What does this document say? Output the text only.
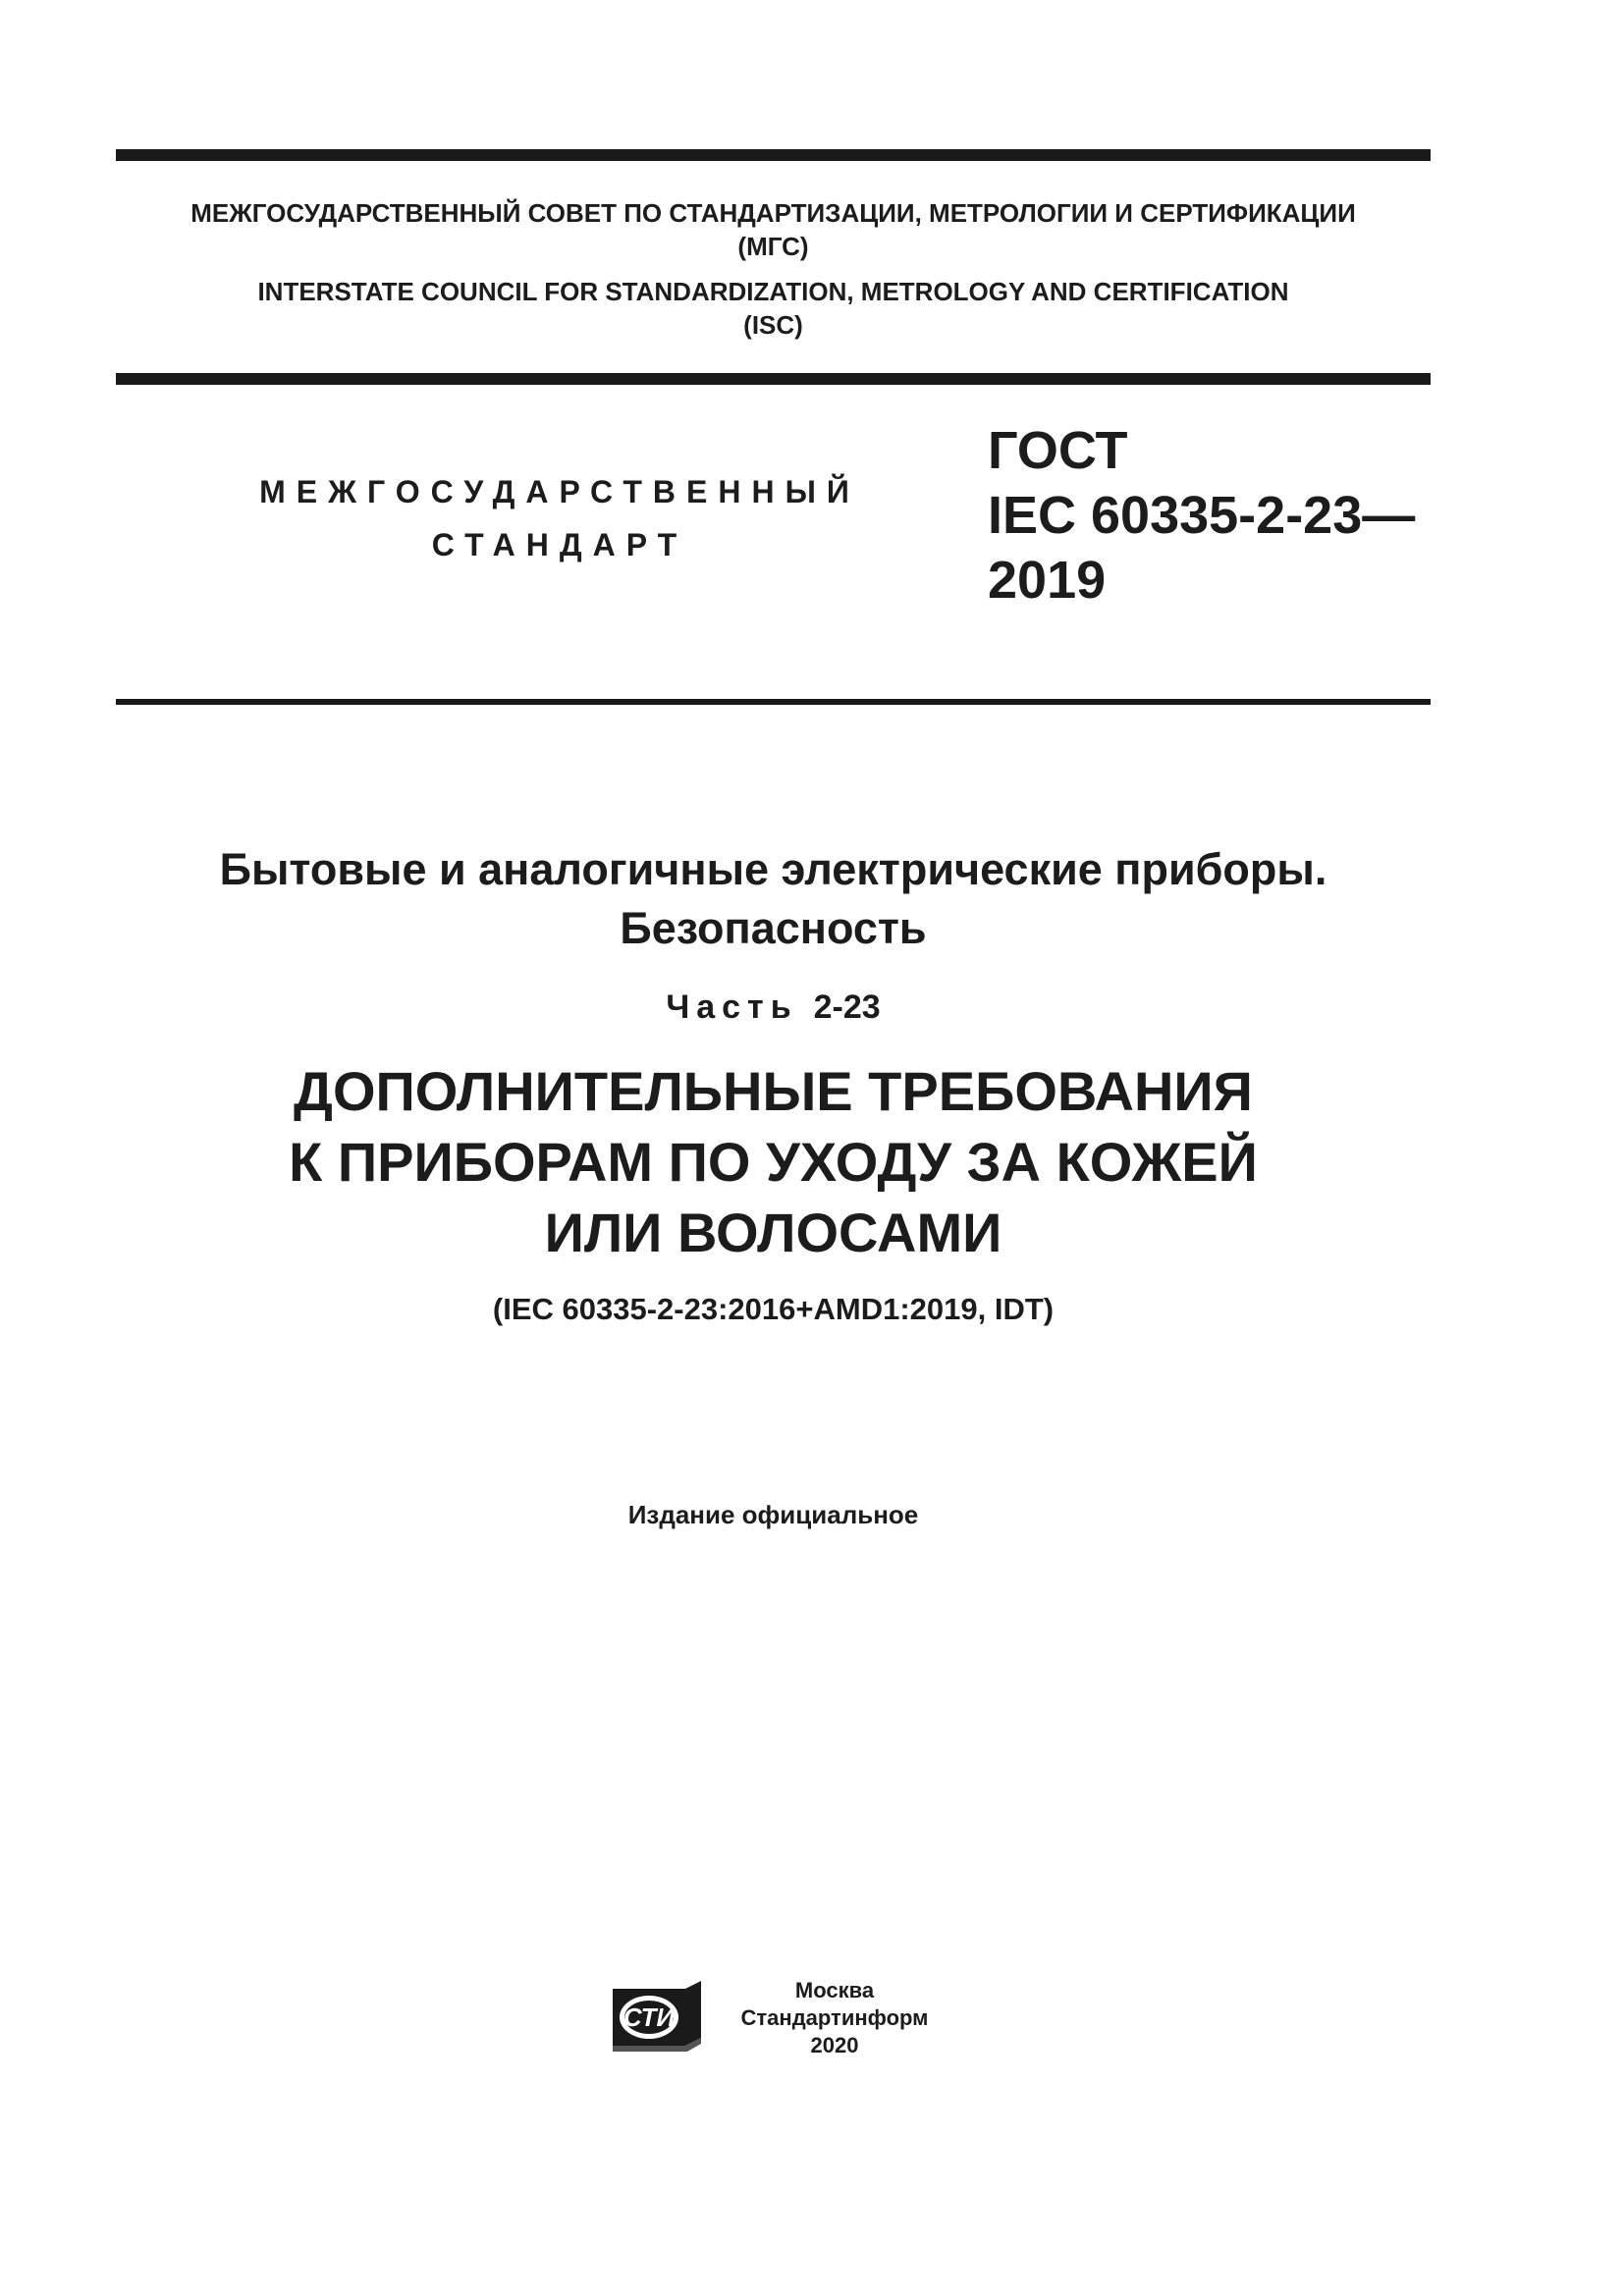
МЕЖГОСУДАРСТВЕННЫЙ СОВЕТ ПО СТАНДАРТИЗАЦИИ, МЕТРОЛОГИИ И СЕРТИФИКАЦИИ
(МГС)
INTERSTATE COUNCIL FOR STANDARDIZATION, METROLOGY AND CERTIFICATION
(ISC)
МЕЖГОСУДАРСТВЕННЫЙ
СТАНДАРТ
ГОСТ
IEC 60335-2-23—
2019
Бытовые и аналогичные электрические приборы.
Безопасность
Часть 2-23
ДОПОЛНИТЕЛЬНЫЕ ТРЕБОВАНИЯ
К ПРИБОРАМ ПО УХОДУ ЗА КОЖЕЙ
ИЛИ ВОЛОСАМИ
(IEC 60335-2-23:2016+AMD1:2019, IDT)
Издание официальное
СТИ
Москва
Стандартинформ
2020
